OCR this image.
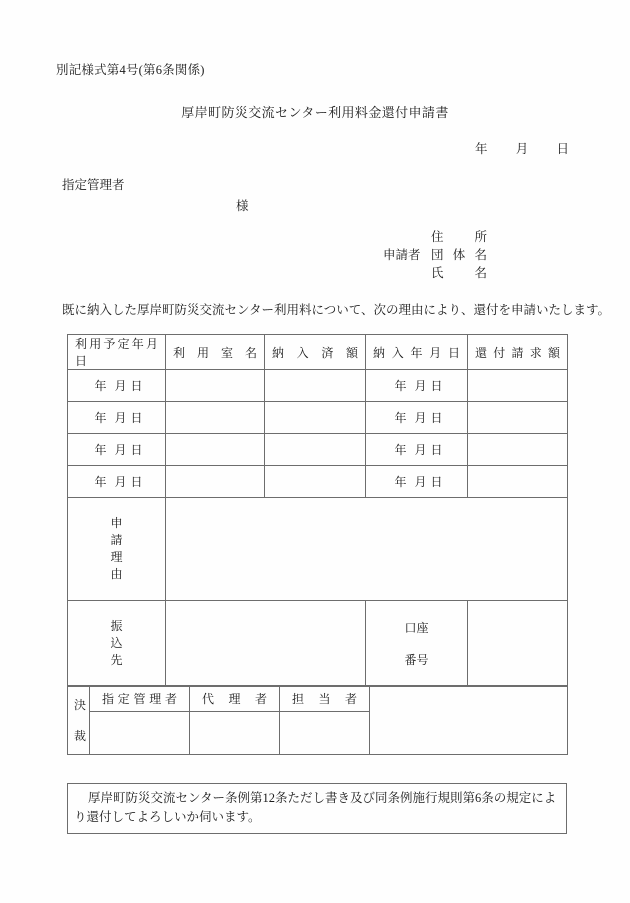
別記様式第4号(第6条関係)
厚岸町防災交流センター利用料金還付申請書
年 月 日
指定管理者
様
住　所
申請者 団体名
氏　名
既に納入した厚岸町防災交流センター利用料について、次の理由により、還付を申請いたします。
利用予定年月日	利用室名	納入済額	納入年月日	還付請求額
年 月 日			年 月 日	
年 月 日			年 月 日	
年 月 日			年 月 日	
年 月 日			年 月 日	

申
請
理
由				

振
込
先			口座
番号	

決
裁	指定管理者	代理者	担当者	

厚岸町防災交流センター条例第12条ただし書き及び同条例施行規則第6条の規定により還付してよろしいか伺います。
